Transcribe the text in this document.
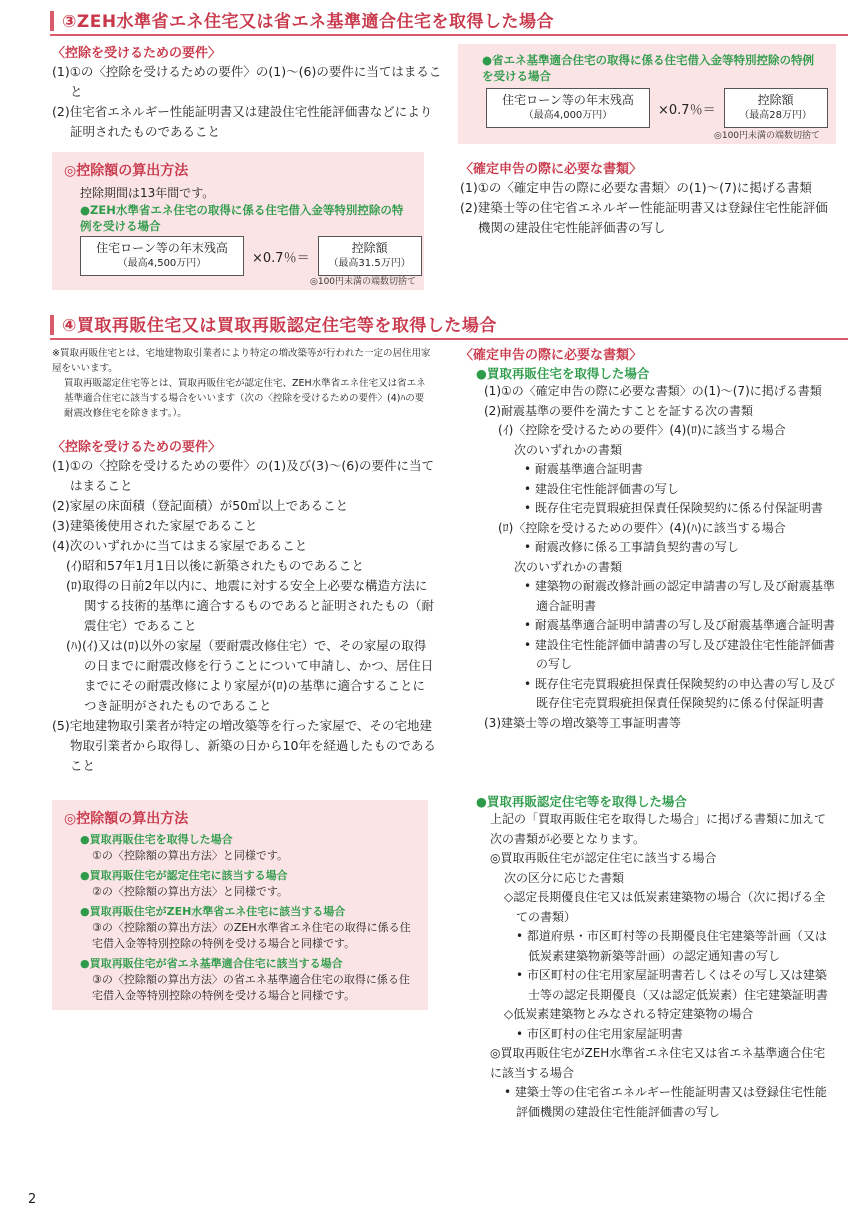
③ZEH水準省エネ住宅又は省エネ基準適合住宅を取得した場合
〈控除を受けるための要件〉

(1)①の〈控除を受けるための要件〉の(1)～(6)の要件に当てはまること

(2)住宅省エネルギー性能証明書又は建設住宅性能評価書などにより証明されたものであること

◎控除額の算出方法
控除期間は13年間です。
●ZEH水準省エネ住宅の取得に係る住宅借入金等特別控除の特例を受ける場合
住宅ローン等の年末残高
（最高4,500万円）	×0.7％＝
控除額
（最高31.5万円）
◎100円未満の端数切捨て
●省エネ基準適合住宅の取得に係る住宅借入金等特別控除の特例を受ける場合
住宅ローン等の年末残高
（最高4,000万円）	×0.7％＝
控除額
（最高28万円）
◎100円未満の端数切捨て
〈確定申告の際に必要な書類〉

(1)①の〈確定申告の際に必要な書類〉の(1)～(7)に掲げる書類

(2)建築士等の住宅省エネルギー性能証明書又は登録住宅性能評価機関の建設住宅性能評価書の写し

④買取再販住宅又は買取再販認定住宅等を取得した場合

※買取再販住宅とは、宅地建物取引業者により特定の増改築等が行われた一定の居住用家屋をいいます。

買取再販認定住宅等とは、買取再販住宅が認定住宅、ZEH水準省エネ住宅又は省エネ基準適合住宅に該当する場合をいいます（次の〈控除を受けるための要件〉(4)ﾊの要耐震改修住宅を除きます。）。

〈控除を受けるための要件〉

(1)①の〈控除を受けるための要件〉の(1)及び(3)～(6)の要件に当てはまること

(2)家屋の床面積（登記面積）が50㎡以上であること

(3)建築後使用された家屋であること

(4)次のいずれかに当てはまる家屋であること

(ｲ)昭和57年1月1日以後に新築されたものであること

(ﾛ)取得の日前2年以内に、地震に対する安全上必要な構造方法に関する技術的基準に適合するものであると証明されたもの（耐震住宅）であること

(ﾊ)(ｲ)又は(ﾛ)以外の家屋（要耐震改修住宅）で、その家屋の取得の日までに耐震改修を行うことについて申請し、かつ、居住日までにその耐震改修により家屋が(ﾛ)の基準に適合することにつき証明がされたものであること

(5)宅地建物取引業者が特定の増改築等を行った家屋で、その宅地建物取引業者から取得し、新築の日から10年を経過したものであること

◎控除額の算出方法
●買取再販住宅を取得した場合
①の〈控除額の算出方法〉と同様です。
●買取再販住宅が認定住宅に該当する場合
②の〈控除額の算出方法〉と同様です。
●買取再販住宅がZEH水準省エネ住宅に該当する場合
③の〈控除額の算出方法〉のZEH水準省エネ住宅の取得に係る住宅借入金等特別控除の特例を受ける場合と同様です。
●買取再販住宅が省エネ基準適合住宅に該当する場合
③の〈控除額の算出方法〉の省エネ基準適合住宅の取得に係る住宅借入金等特別控除の特例を受ける場合と同様です。
〈確定申告の際に必要な書類〉
●買取再販住宅を取得した場合

(1)①の〈確定申告の際に必要な書類〉の(1)～(7)に掲げる書類

(2)耐震基準の要件を満たすことを証する次の書類

(ｲ)〈控除を受けるための要件〉(4)(ﾛ)に該当する場合

次のいずれかの書類

• 耐震基準適合証明書

• 建設住宅性能評価書の写し

• 既存住宅売買瑕疵担保責任保険契約に係る付保証明書

(ﾛ)〈控除を受けるための要件〉(4)(ﾊ)に該当する場合

• 耐震改修に係る工事請負契約書の写し

次のいずれかの書類

• 建築物の耐震改修計画の認定申請書の写し及び耐震基準適合証明書

• 耐震基準適合証明申請書の写し及び耐震基準適合証明書

• 建設住宅性能評価申請書の写し及び建設住宅性能評価書の写し

• 既存住宅売買瑕疵担保責任保険契約の申込書の写し及び既存住宅売買瑕疵担保責任保険契約に係る付保証明書

(3)建築士等の増改築等工事証明書等

●買取再販認定住宅等を取得した場合

上記の「買取再販住宅を取得した場合」に掲げる書類に加えて次の書類が必要となります。

◎買取再販住宅が認定住宅に該当する場合

次の区分に応じた書類

◇認定長期優良住宅又は低炭素建築物の場合（次に掲げる全ての書類）

• 都道府県・市区町村等の長期優良住宅建築等計画（又は低炭素建築物新築等計画）の認定通知書の写し

• 市区町村の住宅用家屋証明書若しくはその写し又は建築士等の認定長期優良（又は認定低炭素）住宅建築証明書

◇低炭素建築物とみなされる特定建築物の場合

• 市区町村の住宅用家屋証明書

◎買取再販住宅がZEH水準省エネ住宅又は省エネ基準適合住宅に該当する場合

• 建築士等の住宅省エネルギー性能証明書又は登録住宅性能評価機関の建設住宅性能評価書の写し

2
